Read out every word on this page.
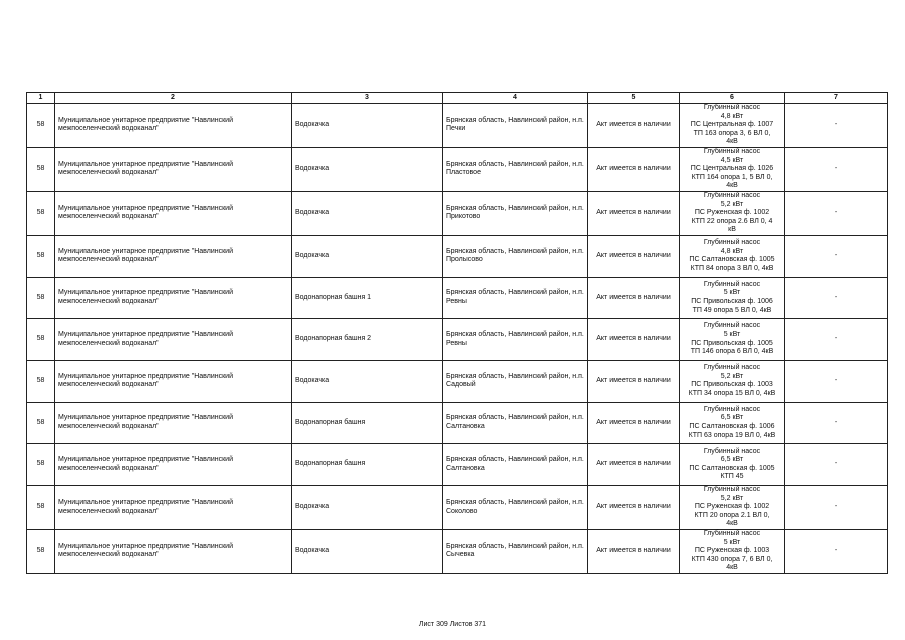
1	2	3	4	5	6	7
58	Муниципальное унитарное предприятие "Навлинский межпоселенческий водоканал"	Водокачка	Брянская область, Навлинский район, н.п. Печки	Акт имеется в наличии	Глубинный насос
4,8 кВт
ПС Центральная ф. 1007
ТП 163 опора 3, 6 ВЛ 0,
4кВ	-
58	Муниципальное унитарное предприятие "Навлинский межпоселенческий водоканал"	Водокачка	Брянская область, Навлинский район, н.п. Пластовое	Акт имеется в наличии	Глубинный насос
4,5 кВт
ПС Центральная ф. 1026
КТП 164 опора 1, 5 ВЛ 0,
4кВ	-
58	Муниципальное унитарное предприятие "Навлинский межпоселенческий водоканал"	Водокачка	Брянская область, Навлинский район, н.п. Прикотово	Акт имеется в наличии	Глубинный насос
5,2 кВт
ПС Руженская ф. 1002
КТП 22 опора 2.6 ВЛ 0, 4
кВ	-
58	Муниципальное унитарное предприятие "Навлинский межпоселенческий водоканал"	Водокачка	Брянская область, Навлинский район, н.п. Пролысово	Акт имеется в наличии	Глубинный насос
4,8 кВт
ПС Салтановская ф. 1005
КТП 84 опора 3 ВЛ 0, 4кВ	-
58	Муниципальное унитарное предприятие "Навлинский межпоселенческий водоканал"	Водонапорная башня 1	Брянская область, Навлинский район, н.п. Ревны	Акт имеется в наличии	Глубинный насос
5 кВт
ПС Привольская ф. 1006
ТП 49 опора 5 ВЛ 0, 4кВ	-
58	Муниципальное унитарное предприятие "Навлинский межпоселенческий водоканал"	Водонапорная башня 2	Брянская область, Навлинский район, н.п. Ревны	Акт имеется в наличии	Глубинный насос
5 кВт
ПС Привольская ф. 1005
ТП 146 опора 6 ВЛ 0, 4кВ	-
58	Муниципальное унитарное предприятие "Навлинский межпоселенческий водоканал"	Водокачка	Брянская область, Навлинский район, н.п. Садовый	Акт имеется в наличии	Глубинный насос
5,2 кВт
ПС Привольская ф. 1003
КТП 34 опора 15 ВЛ 0, 4кВ	-
58	Муниципальное унитарное предприятие "Навлинский межпоселенческий водоканал"	Водонапорная башня	Брянская область, Навлинский район, н.п. Салтановка	Акт имеется в наличии	Глубинный насос
6,5 кВт
ПС Салтановская ф. 1006
КТП 63 опора 19 ВЛ 0, 4кВ	-
58	Муниципальное унитарное предприятие "Навлинский межпоселенческий водоканал"	Водонапорная башня	Брянская область, Навлинский район, н.п. Салтановка	Акт имеется в наличии	Глубинный насос
6,5 кВт
ПС Салтановская ф. 1005
КТП 45	-
58	Муниципальное унитарное предприятие "Навлинский межпоселенческий водоканал"	Водокачка	Брянская область, Навлинский район, н.п. Соколово	Акт имеется в наличии	Глубинный насос
5,2 кВт
ПС Руженская ф. 1002
КТП 20 опора 2.1 ВЛ 0,
4кВ	-
58	Муниципальное унитарное предприятие "Навлинский межпоселенческий водоканал"	Водокачка	Брянская область, Навлинский район, н.п. Сычевка	Акт имеется в наличии	Глубинный насос
5 кВт
ПС Руженская ф. 1003
КТП 430 опора 7, 6 ВЛ 0,
4кВ	-
Лист 309 Листов 371
